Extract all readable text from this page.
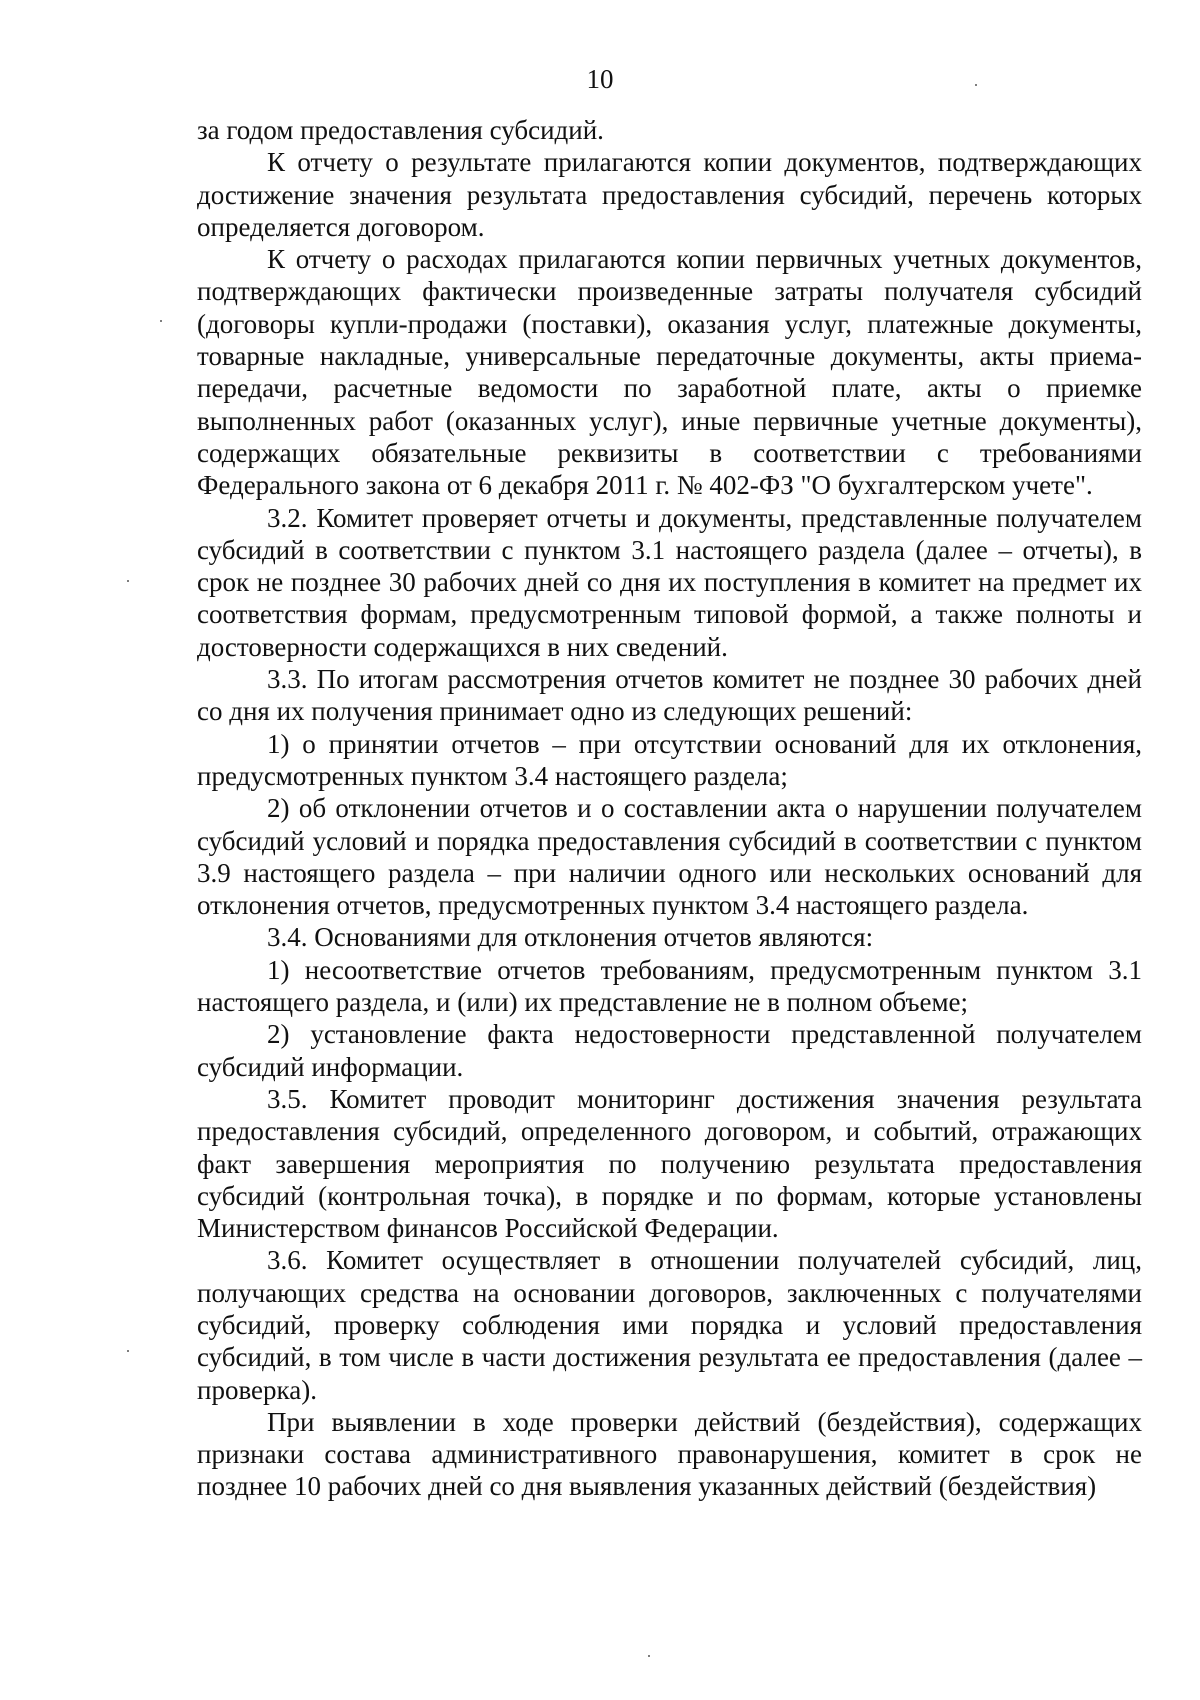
10

за годом предоставления субсидий.

К отчету о результате прилагаются копии документов, подтверждающих достижение значения результата предоставления субсидий, перечень которых определяется договором.

К отчету о расходах прилагаются копии первичных учетных документов, подтверждающих фактически произведенные затраты получателя субсидий (договоры купли-продажи (поставки), оказания услуг, платежные документы, товарные накладные, универсальные передаточные документы, акты приема-передачи, расчетные ведомости по заработной плате, акты о приемке выполненных работ (оказанных услуг), иные первичные учетные документы), содержащих обязательные реквизиты в соответствии с требованиями Федерального закона от 6 декабря 2011 г. № 402-ФЗ "О бухгалтерском учете".

3.2. Комитет проверяет отчеты и документы, представленные получателем субсидий в соответствии с пунктом 3.1 настоящего раздела (далее – отчеты), в срок не позднее 30 рабочих дней со дня их поступления в комитет на предмет их соответствия формам, предусмотренным типовой формой, а также полноты и достоверности содержащихся в них сведений.

3.3. По итогам рассмотрения отчетов комитет не позднее 30 рабочих дней со дня их получения принимает одно из следующих решений:

1) о принятии отчетов – при отсутствии оснований для их отклонения, предусмотренных пунктом 3.4 настоящего раздела;

2) об отклонении отчетов и о составлении акта о нарушении получателем субсидий условий и порядка предоставления субсидий в соответствии с пунктом 3.9 настоящего раздела – при наличии одного или нескольких оснований для отклонения отчетов, предусмотренных пунктом 3.4 настоящего раздела.

3.4. Основаниями для отклонения отчетов являются:

1) несоответствие отчетов требованиям, предусмотренным пунктом 3.1 настоящего раздела, и (или) их представление не в полном объеме;

2) установление факта недостоверности представленной получателем субсидий информации.

3.5. Комитет проводит мониторинг достижения значения результата предоставления субсидий, определенного договором, и событий, отражающих факт завершения мероприятия по получению результата предоставления субсидий (контрольная точка), в порядке и по формам, которые установлены Министерством финансов Российской Федерации.

3.6. Комитет осуществляет в отношении получателей субсидий, лиц, получающих средства на основании договоров, заключенных с получателями субсидий, проверку соблюдения ими порядка и условий предоставления субсидий, в том числе в части достижения результата ее предоставления (далее – проверка).

При выявлении в ходе проверки действий (бездействия), содержащих признаки состава административного правонарушения, комитет в срок не позднее 10 рабочих дней со дня выявления указанных действий (бездействия)
